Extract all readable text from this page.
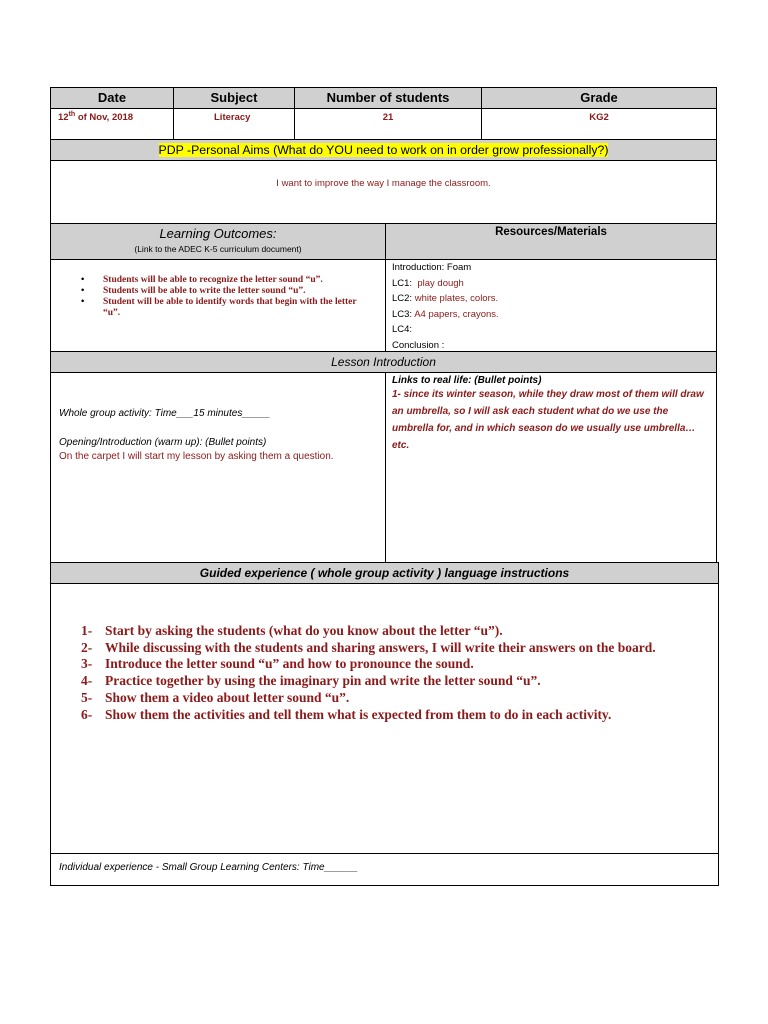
Date	Subject	Number of students	Grade
12th of Nov, 2018	Literacy	21	KG2
PDP -Personal Aims (What do YOU need to work on in order grow professionally?)
I want to improve the way I manage the classroom.
Learning Outcomes:
(Link to the ADEC K-5 curriculum document)
Resources/Materials
• Students will be able to recognize the letter sound “u”.
• Students will be able to write the letter sound “u”.
• Student will be able to identify words that begin with the letter “u”.
Introduction: Foam
LC1:  play dough
LC2: white plates, colors.
LC3: A4 papers, crayons.
LC4:
Conclusion :
Lesson Introduction
Whole group activity: Time___15 minutes_____
Opening/Introduction (warm up): (Bullet points)
On the carpet I will start my lesson by asking them a question.
Links to real life: (Bullet points)
1- since its winter season, while they draw most of them will draw an umbrella, so I will ask each student what do we use the umbrella for, and in which season do we usually use umbrella…etc.
Guided experience ( whole group activity ) language instructions
1- Start by asking the students (what do you know about the letter “u”).
2- While discussing with the students and sharing answers, I will write their answers on the board.
3- Introduce the letter sound “u” and how to pronounce the sound.
4- Practice together by using the imaginary pin and write the letter sound “u”.
5- Show them a video about letter sound “u”.
6- Show them the activities and tell them what is expected from them to do in each activity.
Individual experience - Small Group Learning Centers: Time______
